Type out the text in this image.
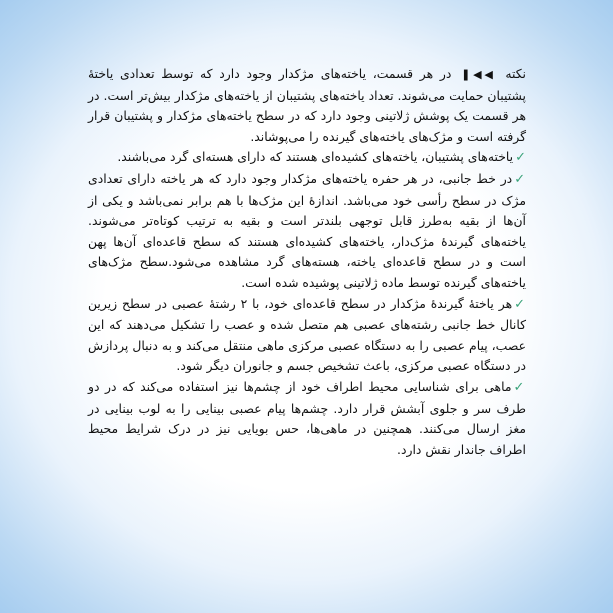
نکته ◀◀❚ در هر قسمت، یاخته‌های مژکدار وجود دارد که توسط تعدادی یاختۀ پشتیبان حمایت می‌شوند. تعداد یاخته‌های پشتیبان از یاخته‌های مژکدار بیش‌تر است. در هر قسمت یک پوشش ژلاتینی وجود دارد که در سطح یاخته‌های مژکدار و پشتیبان قرار گرفته است و مژک‌های یاخته‌های گیرنده را می‌پوشاند.

✓یاخته‌های پشتیبان، یاخته‌های کشیده‌ای هستند که دارای هسته‌ای گرد می‌باشند.

✓در خط جانبی، در هر حفره یاخته‌های مژکدار وجود دارد که هر یاخته دارای تعدادی مژک در سطح رأسی خود می‌باشد. اندازۀ این مژک‌ها با هم برابر نمی‌باشد و یکی از آن‌ها از بقیه به‌طرز قابل توجهی بلندتر است و بقیه به ترتیب کوتاه‌تر می‌شوند. یاخته‌های گیرندۀ مژک‌دار، یاخته‌های کشیده‌ای هستند که سطح قاعده‌ای آن‌ها پهن است و در سطح قاعده‌ای یاخته، هسته‌های گرد مشاهده می‌شود.سطح مژک‌های یاخته‌های گیرنده توسط ماده ژلاتینی پوشیده شده است.

✓هر یاختۀ گیرندۀ مژکدار در سطح قاعده‌ای خود، با ۲ رشتۀ عصبی در سطح زیرین کانال خط جانبی رشته‌های عصبی هم متصل شده و عصب را تشکیل می‌دهند که این عصب، پیام عصبی را به دستگاه عصبی مرکزی ماهی منتقل می‌کند و به دنبال پردازش در دستگاه عصبی مرکزی، باعث تشخیص جسم و جانوران دیگر شود.

✓ماهی برای شناسایی محیط اطراف خود از چشم‌ها نیز استفاده می‌کند که در دو طرف سر و جلوی آبشش قرار دارد. چشم‌ها پیام عصبی بینایی را به لوب بینایی در مغز ارسال می‌کنند. همچنین در ماهی‌ها، حس بویایی نیز در درک شرایط محیط اطراف جاندار نقش دارد.
